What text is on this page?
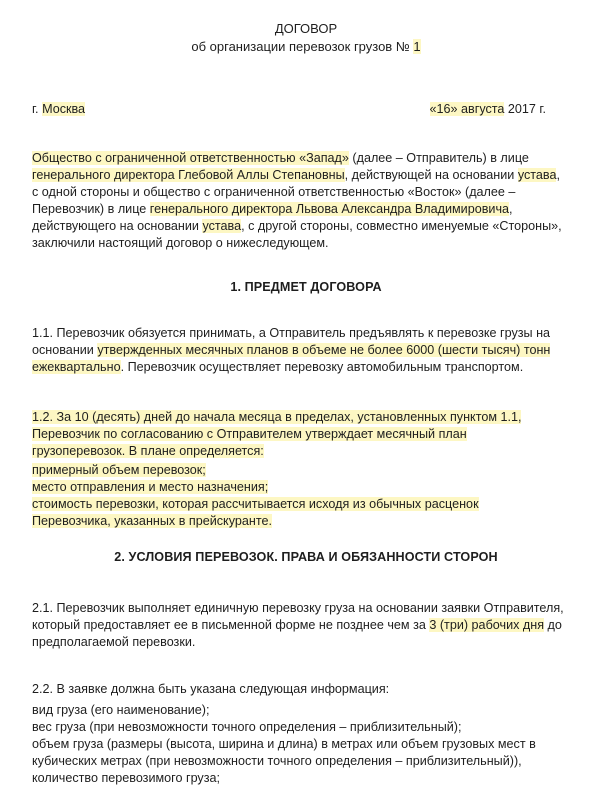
ДОГОВОР
об организации перевозок грузов № 1
г. Москва	«16» августа 2017 г.

Общество с ограниченной ответственностью «Запад» (далее – Отправитель) в лице

генерального директора Глебовой Аллы Степановны, действующей на основании устава,

с одной стороны и общество с ограниченной ответственностью «Восток» (далее –

Перевозчик) в лице генерального директора Львова Александра Владимировича,

действующего на основании устава, с другой стороны, совместно именуемые «Стороны»,

заключили настоящий договор о нижеследующем.

1. ПРЕДМЕТ ДОГОВОРА

1.1. Перевозчик обязуется принимать, а Отправитель предъявлять к перевозке грузы на

основании утвержденных месячных планов в объеме не более 6000 (шести тысяч) тонн

ежеквартально. Перевозчик осуществляет перевозку автомобильным транспортом.

1.2. За 10 (десять) дней до начала месяца в пределах, установленных пунктом 1.1,

Перевозчик по согласованию с Отправителем утверждает месячный план

грузоперевозок. В плане определяется:

примерный объем перевозок;

место отправления и место назначения;

стоимость перевозки, которая рассчитывается исходя из обычных расценок

Перевозчика, указанных в прейскуранте.

2. УСЛОВИЯ ПЕРЕВОЗОК. ПРАВА И ОБЯЗАННОСТИ СТОРОН

2.1. Перевозчик выполняет единичную перевозку груза на основании заявки Отправителя,

который предоставляет ее в письменной форме не позднее чем за 3 (три) рабочих дня до

предполагаемой перевозки.

2.2. В заявке должна быть указана следующая информация:

вид груза (его наименование);

вес груза (при невозможности точного определения – приблизительный);

объем груза (размеры (высота, ширина и длина) в метрах или объем грузовых мест в

кубических метрах (при невозможности точного определения – приблизительный)),

количество перевозимого груза;
